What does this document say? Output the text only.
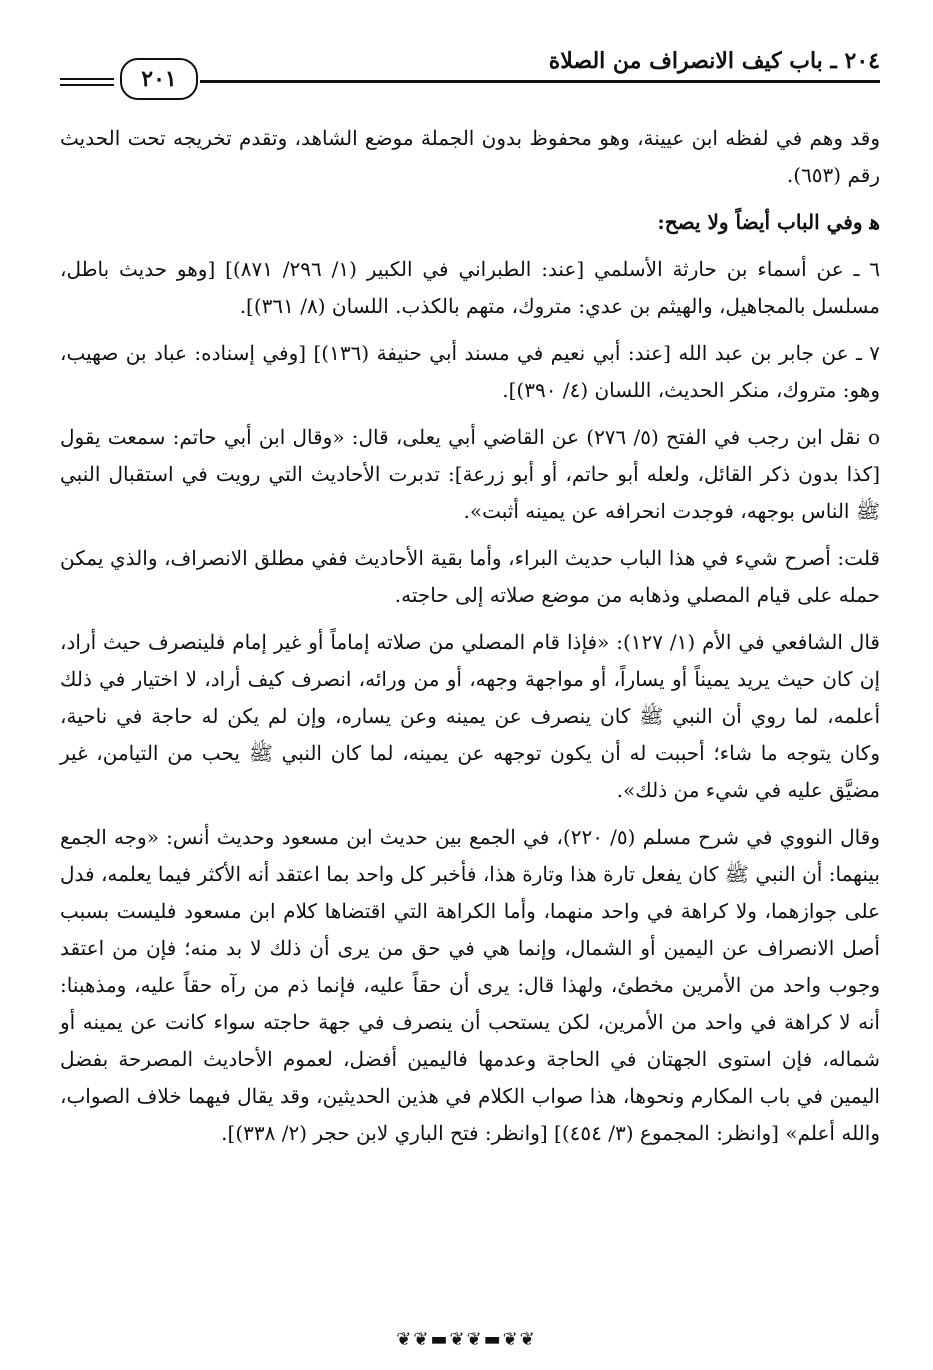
٢٠٤ ـ باب كيف الانصراف من الصلاة
٢٠١

وقد وهم في لفظه ابن عيينة، وهو محفوظ بدون الجملة موضع الشاهد، وتقدم تخريجه تحت الحديث رقم (٦٥٣).

ﻫ وفي الباب أيضاً ولا يصح:

٦ ـ عن أسماء بن حارثة الأسلمي [عند: الطبراني في الكبير (١/ ٢٩٦/ ٨٧١)] [وهو حديث باطل، مسلسل بالمجاهيل، والهيثم بن عدي: متروك، متهم بالكذب. اللسان (٨/ ٣٦١)].

٧ ـ عن جابر بن عبد الله [عند: أبي نعيم في مسند أبي حنيفة (١٣٦)] [وفي إسناده: عباد بن صهيب، وهو: متروك، منكر الحديث، اللسان (٤/ ٣٩٠)].

ο نقل ابن رجب في الفتح (٥/ ٢٧٦) عن القاضي أبي يعلى، قال: «وقال ابن أبي حاتم: سمعت يقول [كذا بدون ذكر القائل، ولعله أبو حاتم، أو أبو زرعة]: تدبرت الأحاديث التي رويت في استقبال النبي ﷺ الناس بوجهه، فوجدت انحرافه عن يمينه أثبت».

قلت: أصرح شيء في هذا الباب حديث البراء، وأما بقية الأحاديث ففي مطلق الانصراف، والذي يمكن حمله على قيام المصلي وذهابه من موضع صلاته إلى حاجته.

قال الشافعي في الأم (١/ ١٢٧): «فإذا قام المصلي من صلاته إماماً أو غير إمام فلينصرف حيث أراد، إن كان حيث يريد يميناً أو يساراً، أو مواجهة وجهه، أو من ورائه، انصرف كيف أراد، لا اختيار في ذلك أعلمه، لما روي أن النبي ﷺ كان ينصرف عن يمينه وعن يساره، وإن لم يكن له حاجة في ناحية، وكان يتوجه ما شاء؛ أحببت له أن يكون توجهه عن يمينه، لما كان النبي ﷺ يحب من التيامن، غير مضيَّق عليه في شيء من ذلك».

وقال النووي في شرح مسلم (٥/ ٢٢٠)، في الجمع بين حديث ابن مسعود وحديث أنس: «وجه الجمع بينهما: أن النبي ﷺ كان يفعل تارة هذا وتارة هذا، فأخبر كل واحد بما اعتقد أنه الأكثر فيما يعلمه، فدل على جوازهما، ولا كراهة في واحد منهما، وأما الكراهة التي اقتضاها كلام ابن مسعود فليست بسبب أصل الانصراف عن اليمين أو الشمال، وإنما هي في حق من يرى أن ذلك لا بد منه؛ فإن من اعتقد وجوب واحد من الأمرين مخطئ، ولهذا قال: يرى أن حقاً عليه، فإنما ذم من رآه حقاً عليه، ومذهبنا: أنه لا كراهة في واحد من الأمرين، لكن يستحب أن ينصرف في جهة حاجته سواء كانت عن يمينه أو شماله، فإن استوى الجهتان في الحاجة وعدمها فاليمين أفضل، لعموم الأحاديث المصرحة بفضل اليمين في باب المكارم ونحوها، هذا صواب الكلام في هذين الحديثين، وقد يقال فيهما خلاف الصواب، والله أعلم» [وانظر: المجموع (٣/ ٤٥٤)] [وانظر: فتح الباري لابن حجر (٢/ ٣٣٨)].

❦❦▬❦❦▬❦❦
